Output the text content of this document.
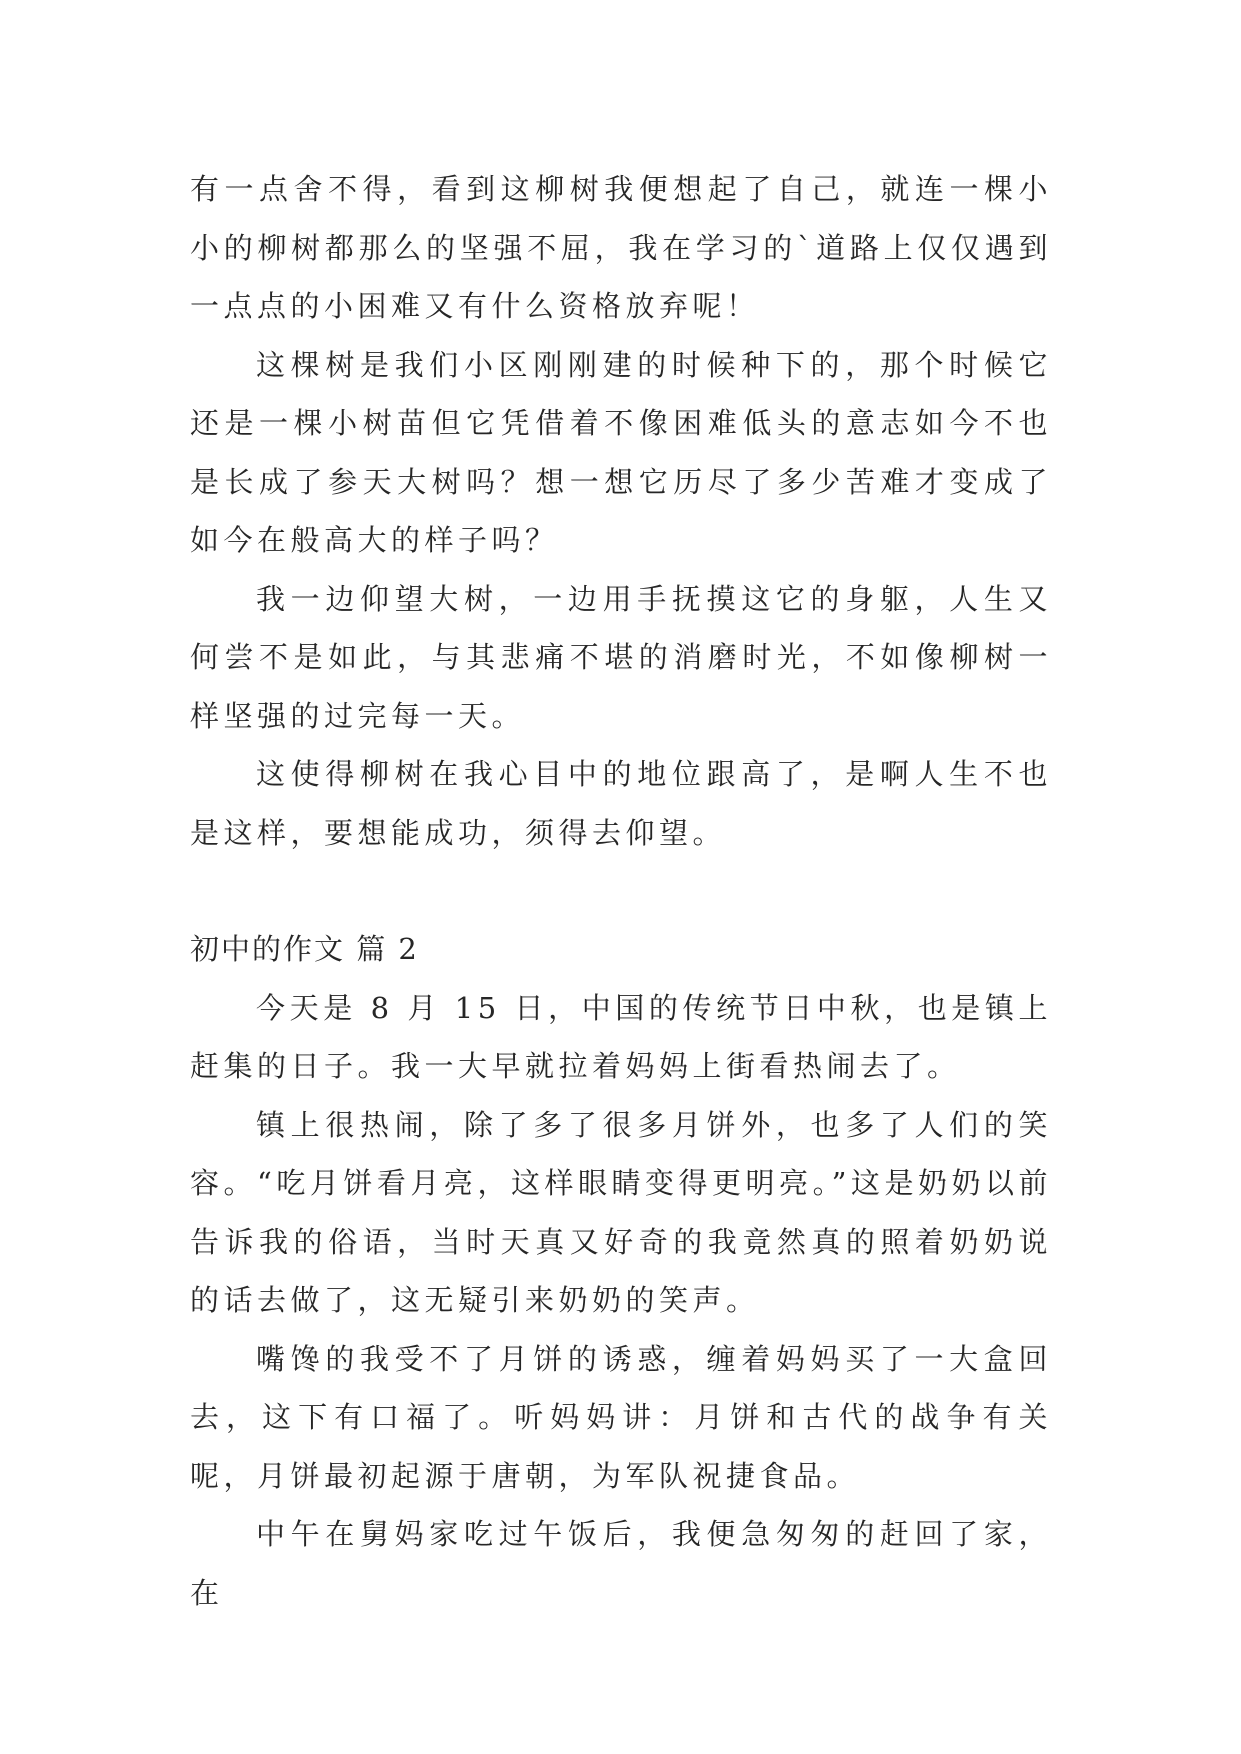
有一点舍不得，看到这柳树我便想起了自己，就连一棵小小的柳树都那么的坚强不屈，我在学习的`道路上仅仅遇到一点点的小困难又有什么资格放弃呢！

这棵树是我们小区刚刚建的时候种下的，那个时候它还是一棵小树苗但它凭借着不像困难低头的意志如今不也是长成了参天大树吗？想一想它历尽了多少苦难才变成了如今在般高大的样子吗？

我一边仰望大树，一边用手抚摸这它的身躯，人生又何尝不是如此，与其悲痛不堪的消磨时光，不如像柳树一样坚强的过完每一天。

这使得柳树在我心目中的地位跟高了，是啊人生不也是这样，要想能成功，须得去仰望。

初中的作文 篇 2

今天是 8 月 15 日，中国的传统节日中秋，也是镇上赶集的日子。我一大早就拉着妈妈上街看热闹去了。

镇上很热闹，除了多了很多月饼外，也多了人们的笑容。“吃月饼看月亮，这样眼睛变得更明亮。”这是奶奶以前告诉我的俗语，当时天真又好奇的我竟然真的照着奶奶说的话去做了，这无疑引来奶奶的笑声。

嘴馋的我受不了月饼的诱惑，缠着妈妈买了一大盒回去，这下有口福了。听妈妈讲：月饼和古代的战争有关呢，月饼最初起源于唐朝，为军队祝捷食品。

中午在舅妈家吃过午饭后，我便急匆匆的赶回了家，在
